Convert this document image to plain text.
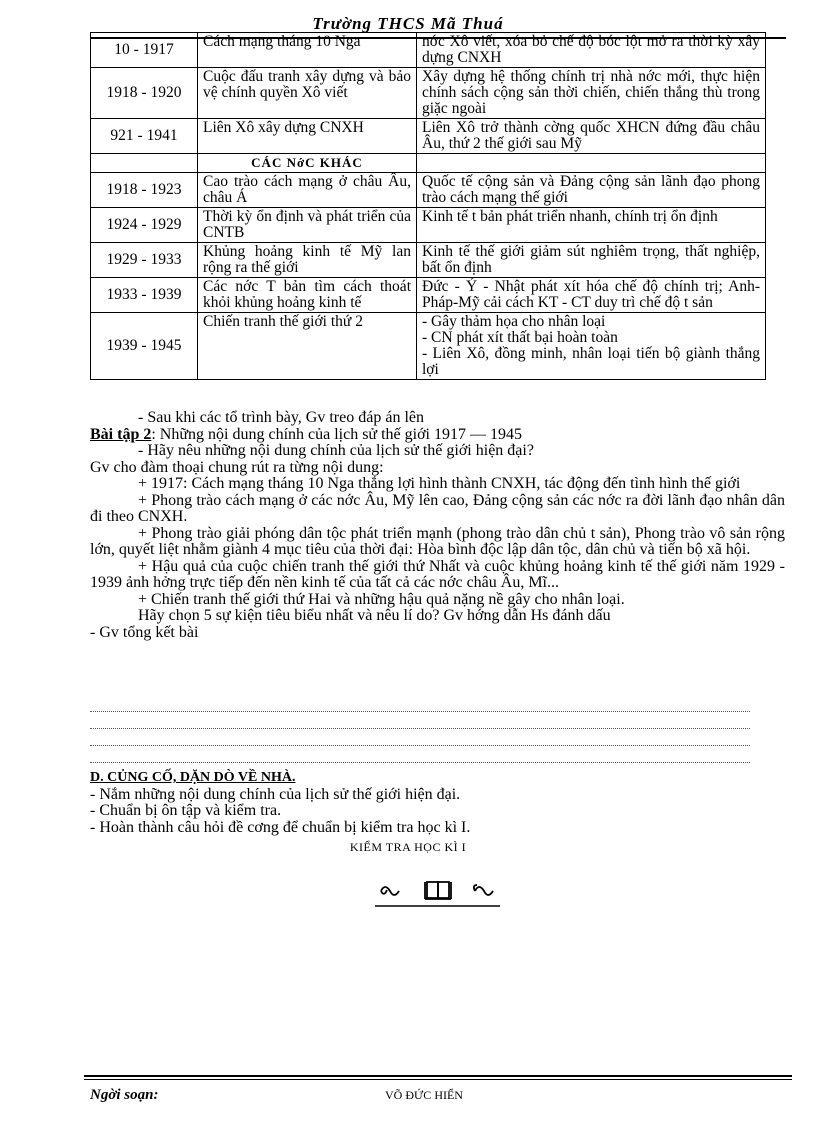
Trường THCS Mã Thuá
10 - 1917	Cách mạng tháng 10 Nga	nớc Xô viết, xóa bỏ chế độ bóc lột mở ra thời kỳ xây dựng CNXH
1918 - 1920	Cuộc đấu tranh xây dựng và bảo vệ chính quyền Xô viết	Xây dựng hệ thống chính trị nhà nớc mới, thực hiện chính sách cộng sản thời chiến, chiến thắng thù trong giặc ngoài
921 - 1941	Liên Xô xây dựng CNXH	Liên Xô trở thành cờng quốc XHCN đứng đầu châu Âu, thứ 2 thế giới sau Mỹ
	CÁC NớC KHÁC	
1918 - 1923	Cao trào cách mạng ở châu Âu, châu Á	Quốc tế cộng sản và Đảng cộng sản lãnh đạo phong trào cách mạng thế giới
1924 - 1929	Thời kỳ ổn định và phát triển của CNTB	Kinh tế t bản phát triển nhanh, chính trị ổn định
1929 - 1933	Khủng hoảng kinh tế Mỹ lan rộng ra thế giới	Kinh tế thế giới giảm sút nghiêm trọng, thất nghiệp, bất ổn định
1933 - 1939	Các nớc T bản tìm cách thoát khỏi khủng hoảng kinh tế	Đức - Ý - Nhật phát xít hóa chế độ chính trị; Anh-Pháp-Mỹ cải cách KT - CT duy trì chế độ t sản
1939 - 1945	Chiến tranh thế giới thứ 2	- Gây thảm họa cho nhân loại
- CN phát xít thất bại hoàn toàn
- Liên Xô, đồng minh, nhân loại tiến bộ giành thắng lợi
- Sau khi các tổ trình bày, Gv treo đáp án lên
Bài tập 2: Những nội dung chính của lịch sử thế giới 1917 — 1945
- Hãy nêu những nội dung chính của lịch sử thế giới hiện đại?
Gv cho đàm thoại chung rút ra từng nội dung:
+ 1917: Cách mạng tháng 10 Nga thắng lợi hình thành CNXH, tác động đến tình hình thế giới
+ Phong trào cách mạng ở các nớc Âu, Mỹ lên cao, Đảng cộng sản các nớc ra đời lãnh đạo nhân dân đi theo CNXH.
+ Phong trào giải phóng dân tộc phát triển mạnh (phong trào dân chủ t sản), Phong trào vô sản rộng lớn, quyết liệt nhằm giành 4 mục tiêu của thời đại: Hòa bình độc lập dân tộc, dân chủ và tiến bộ xã hội.
+ Hậu quả của cuộc chiến tranh thế giới thứ Nhất và cuộc khủng hoảng kinh tế thế giới năm 1929 - 1939 ảnh hởng trực tiếp đến nền kinh tế của tất cả các nớc châu Âu, Mĩ...
+ Chiến tranh thế giới thứ Hai và những hậu quả nặng nề gây cho nhân loại.
Hãy chọn 5 sự kiện tiêu biểu nhất và nêu lí do? Gv hớng dẫn Hs đánh dấu
- Gv tổng kết bài
D. CỦNG CỐ, DẶN DÒ VỀ NHÀ.
- Nắm những nội dung chính của lịch sử thế giới hiện đại.
- Chuẩn bị ôn tập và kiểm tra.
- Hoàn thành câu hỏi đề cơng để chuẩn bị kiểm tra học kì I.
KIỂM TRA HỌC KÌ I
Ngời soạn:	VÕ ĐỨC HIỂN
